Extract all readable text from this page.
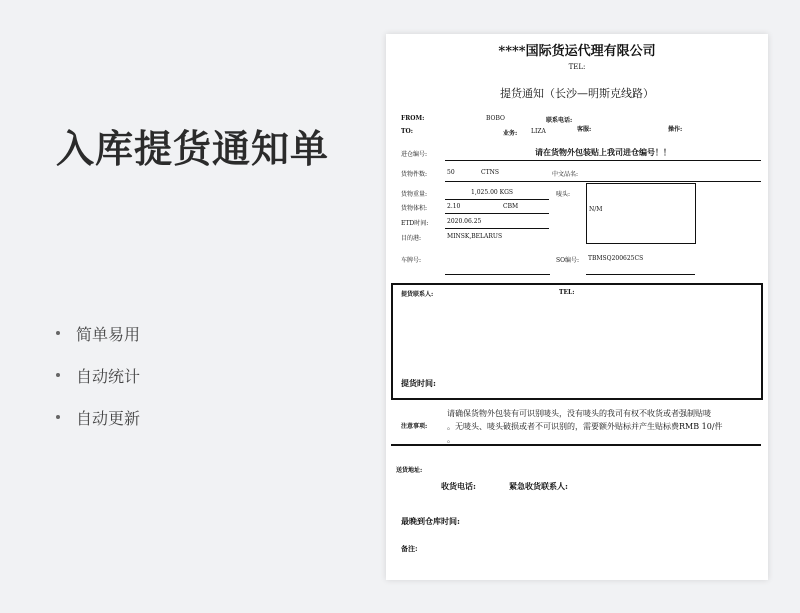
入库提货通知单
简单易用
自动统计
自动更新
****国际货运代理有限公司
TEL:
提货通知（长沙—明斯克线路）
FROM:	BOBO	联系电话:
TO:	业务: LIZA	客服:	操作:
进仓编号:	请在货物外包装贴上我司进仓编号！！
货物件数:	50	CTNS	中文品名:
货物重量:	1,025.00 KGS	唛头:
N/M
货物体积:	2.10	CBM
ETD时间:	2020.06.25
目的港:	MINSK,BELARUS
车牌号:	SO编号: TBMSQ200625CS
提货联系人:	TEL:
提货时间:
注意事项:
请确保货物外包装有可识别唛头，没有唛头的我司有权不收货或者强制贴唛
。无唛头、唛头破损或者不可识别的，需要额外贴标并产生贴标费RMB 10/件
。
送货地址:
收货电话:	紧急收货联系人:
最晚到仓库时间:
备注:
